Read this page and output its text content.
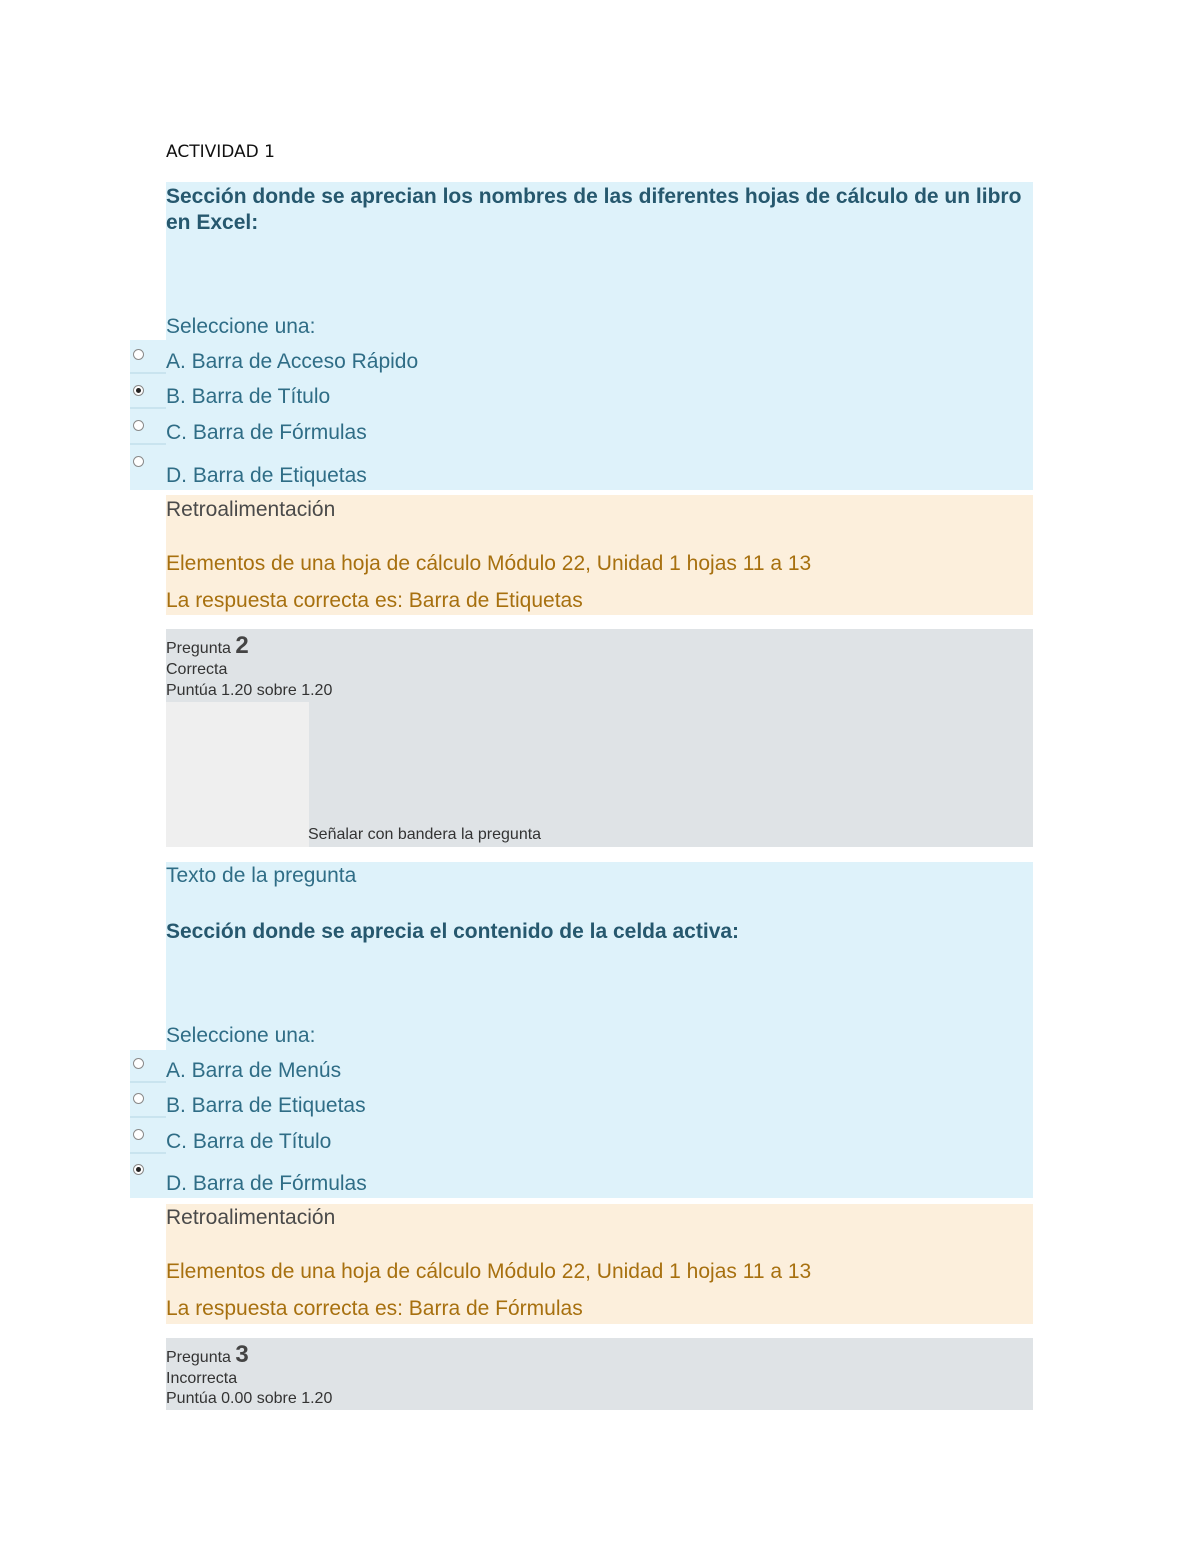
ACTIVIDAD 1
Sección donde se aprecian los nombres de las diferentes hojas de cálculo de un libro en Excel:
Seleccione una:
A. Barra de Acceso Rápido
B. Barra de Título
C. Barra de Fórmulas
D. Barra de Etiquetas
Retroalimentación
Elementos de una hoja de cálculo Módulo 22, Unidad 1 hojas 11 a 13
La respuesta correcta es: Barra de Etiquetas
Pregunta 2
Correcta
Puntúa 1.20 sobre 1.20
Señalar con bandera la pregunta
Texto de la pregunta
Sección donde se aprecia el contenido de la celda activa:
Seleccione una:
A. Barra de Menús
B. Barra de Etiquetas
C. Barra de Título
D. Barra de Fórmulas
Retroalimentación
Elementos de una hoja de cálculo Módulo 22, Unidad 1 hojas 11 a 13
La respuesta correcta es: Barra de Fórmulas
Pregunta 3
Incorrecta
Puntúa 0.00 sobre 1.20
